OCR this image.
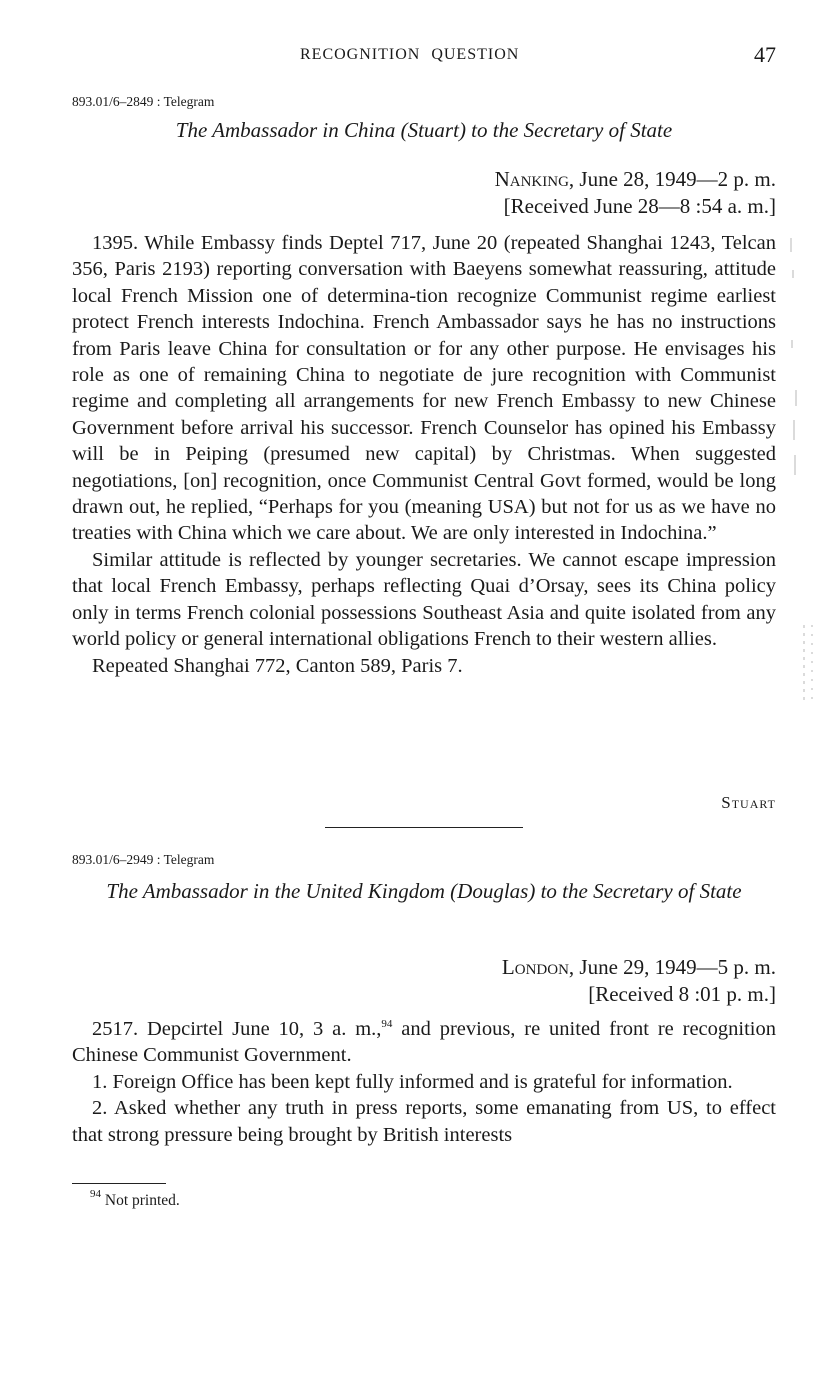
RECOGNITION QUESTION	47
893.01/6–2849 : Telegram
The Ambassador in China (Stuart) to the Secretary of State
Nanking, June 28, 1949—2 p. m.
[Received June 28—8 :54 a. m.]

1395. While Embassy finds Deptel 717, June 20 (repeated Shanghai 1243, Telcan 356, Paris 2193) reporting conversation with Baeyens somewhat reassuring, attitude local French Mission one of determina-tion recognize Communist regime earliest protect French interests Indochina. French Ambassador says he has no instructions from Paris leave China for consultation or for any other purpose. He envisages his role as one of remaining China to negotiate de jure recognition with Communist regime and completing all arrangements for new French Embassy to new Chinese Government before arrival his successor. French Counselor has opined his Embassy will be in Peiping (presumed new capital) by Christmas. When suggested negotiations, [on] recognition, once Communist Central Govt formed, would be long drawn out, he replied, “Perhaps for you (meaning USA) but not for us as we have no treaties with China which we care about. We are only interested in Indochina.”

Similar attitude is reflected by younger secretaries. We cannot escape impression that local French Embassy, perhaps reflecting Quai d’Orsay, sees its China policy only in terms French colonial possessions Southeast Asia and quite isolated from any world policy or general international obligations French to their western allies.

Repeated Shanghai 772, Canton 589, Paris 7.

Stuart
893.01/6–2949 : Telegram
The Ambassador in the United Kingdom (Douglas) to the Secretary of State
London, June 29, 1949—5 p. m.
[Received 8 :01 p. m.]

2517. Depcirtel June 10, 3 a. m.,$^{94}$ and previous, re united front re recognition Chinese Communist Government.

1. Foreign Office has been kept fully informed and is grateful for information.

2. Asked whether any truth in press reports, some emanating from US, to effect that strong pressure being brought by British interests

$^{94}$ Not printed.
